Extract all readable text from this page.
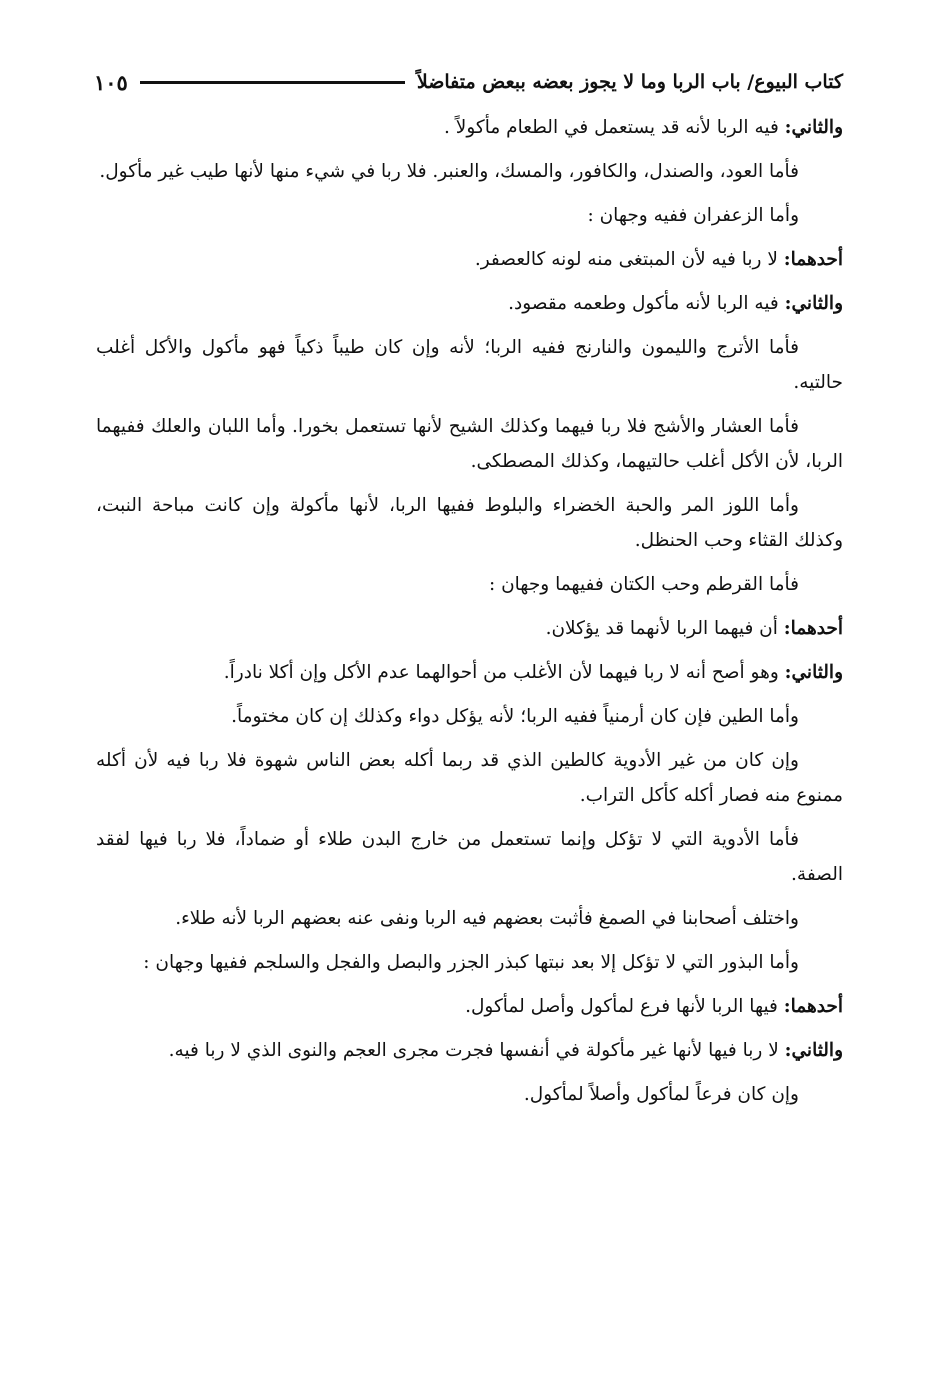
كتاب البيوع/ باب الربا وما لا يجوز بعضه ببعض متفاضلاً
١٠٥

والثاني: فيه الربا لأنه قد يستعمل في الطعام مأكولاً .

فأما العود، والصندل، والكافور، والمسك، والعنبر. فلا ربا في شيء منها لأنها طيب غير مأكول.

وأما الزعفران ففيه وجهان :

أحدهما: لا ربا فيه لأن المبتغى منه لونه كالعصفر.

والثاني: فيه الربا لأنه مأكول وطعمه مقصود.

فأما الأترج والليمون والنارنج ففيه الربا؛ لأنه وإن كان طيباً ذكياً فهو مأكول والأكل أغلب حالتيه.

فأما العشار والأشج فلا ربا فيهما وكذلك الشيح لأنها تستعمل بخورا. وأما اللبان والعلك ففيهما الربا، لأن الأكل أغلب حالتيهما، وكذلك المصطكى.

وأما اللوز المر والحبة الخضراء والبلوط ففيها الربا، لأنها مأكولة وإن كانت مباحة النبت، وكذلك القثاء وحب الحنظل.

فأما القرطم وحب الكتان ففيهما وجهان :

أحدهما: أن فيهما الربا لأنهما قد يؤكلان.

والثاني: وهو أصح أنه لا ربا فيهما لأن الأغلب من أحوالهما عدم الأكل وإن أكلا نادراً.

وأما الطين فإن كان أرمنياً ففيه الربا؛ لأنه يؤكل دواء وكذلك إن كان مختوماً.

وإن كان من غير الأدوية كالطين الذي قد ربما أكله بعض الناس شهوة فلا ربا فيه لأن أكله ممنوع منه فصار أكله كأكل التراب.

فأما الأدوية التي لا تؤكل وإنما تستعمل من خارج البدن طلاء أو ضماداً، فلا ربا فيها لفقد الصفة.

واختلف أصحابنا في الصمغ فأثبت بعضهم فيه الربا ونفى عنه بعضهم الربا لأنه طلاء.

وأما البذور التي لا تؤكل إلا بعد نبتها كبذر الجزر والبصل والفجل والسلجم ففيها وجهان :

أحدهما: فيها الربا لأنها فرع لمأكول وأصل لمأكول.

والثاني: لا ربا فيها لأنها غير مأكولة في أنفسها فجرت مجرى العجم والنوى الذي لا ربا فيه.

وإن كان فرعاً لمأكول وأصلاً لمأكول.
